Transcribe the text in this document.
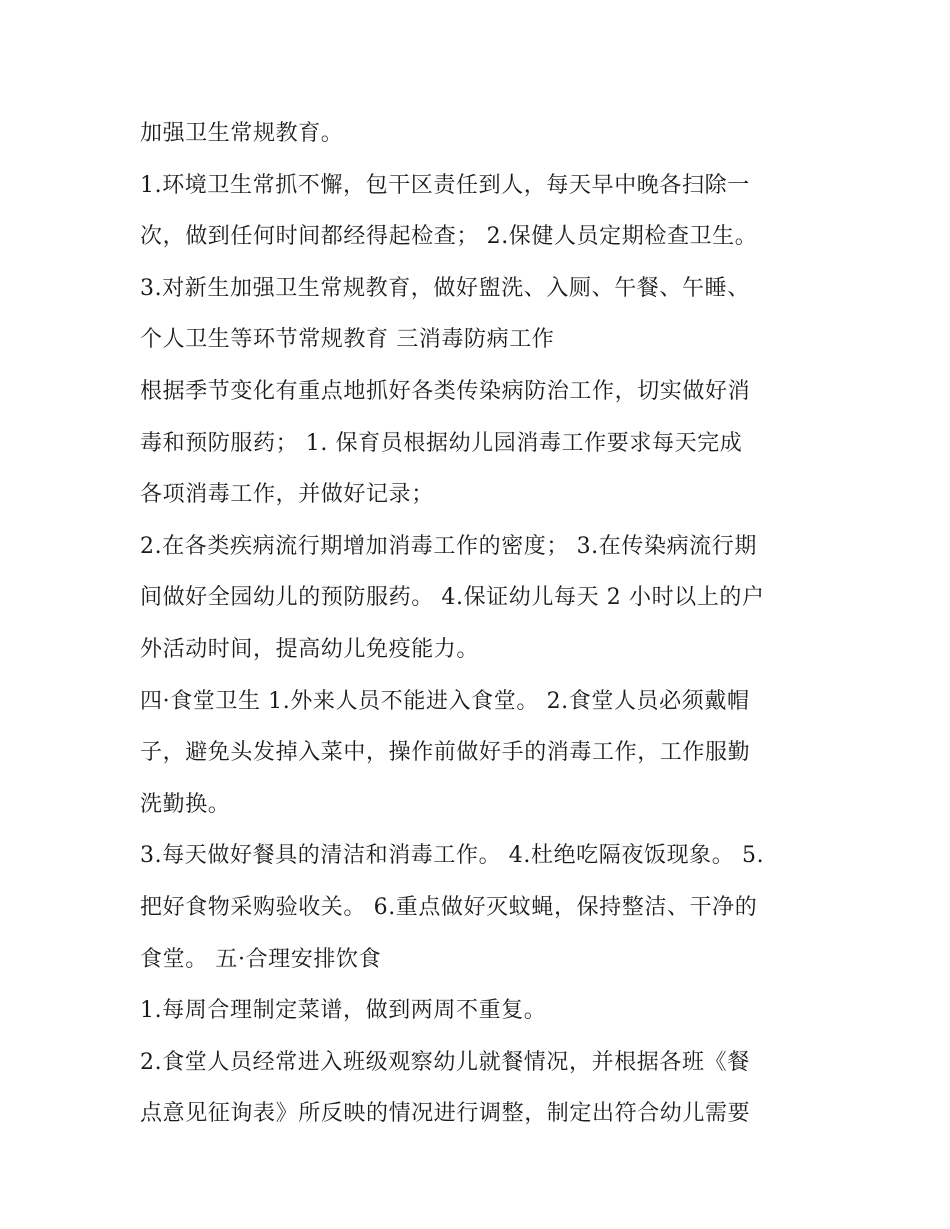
加强卫生常规教育。
1.环境卫生常抓不懈，包干区责任到人，每天早中晚各扫除一
次，做到任何时间都经得起检查； 2.保健人员定期检查卫生。
3.对新生加强卫生常规教育，做好盥洗、入厕、午餐、午睡、
个人卫生等环节常规教育 三消毒防病工作
根据季节变化有重点地抓好各类传染病防治工作，切实做好消
毒和预防服药； 1. 保育员根据幼儿园消毒工作要求每天完成
各项消毒工作，并做好记录；
2.在各类疾病流行期增加消毒工作的密度； 3.在传染病流行期
间做好全园幼儿的预防服药。 4.保证幼儿每天 2 小时以上的户
外活动时间，提高幼儿免疫能力。
四·食堂卫生 1.外来人员不能进入食堂。 2.食堂人员必须戴帽
子，避免头发掉入菜中，操作前做好手的消毒工作，工作服勤
洗勤换。
3.每天做好餐具的清洁和消毒工作。 4.杜绝吃隔夜饭现象。 5.
把好食物采购验收关。 6.重点做好灭蚊蝇，保持整洁、干净的
食堂。 五·合理安排饮食
1.每周合理制定菜谱，做到两周不重复。
2.食堂人员经常进入班级观察幼儿就餐情况，并根据各班《餐
点意见征询表》所反映的情况进行调整，制定出符合幼儿需要
